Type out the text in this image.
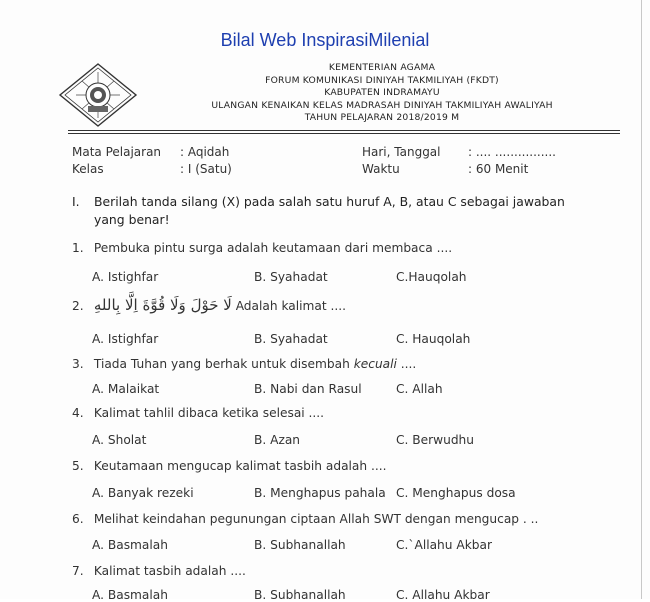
Bilal Web InspirasiMilenial
KEMENTERIAN AGAMA
FORUM KOMUNIKASI DINIYAH TAKMILIYAH (FKDT)
KABUPATEN INDRAMAYU
ULANGAN KENAIKAN KELAS MADRASAH DINIYAH TAKMILIYAH AWALIYAH
TAHUN PELAJARAN 2018/2019 M
Mata Pelajaran : Aqidah
Kelas	: I (Satu)
Hari, Tanggal : .... ................
Waktu	: 60 Menit
I. Berilah tanda silang (X) pada salah satu huruf A, B, atau C sebagai jawaban yang benar!
1. Pembuka pintu surga adalah keutamaan dari membaca ....
A. Istighfar	B. Syahadat	C.Hauqolah
2. لَا حَوْلَ وَلَا قُوَّةَ اِلَّا بِاللهِ Adalah kalimat ....
A. Istighfar	B. Syahadat	C. Hauqolah
3. Tiada Tuhan yang berhak untuk disembah kecuali ....
A. Malaikat	B. Nabi dan Rasul	C. Allah
4. Kalimat tahlil dibaca ketika selesai ....
A. Sholat	B. Azan	C. Berwudhu
5. Keutamaan mengucap kalimat tasbih adalah ....
A. Banyak rezeki	B. Menghapus pahala C. Menghapus dosa
6. Melihat keindahan pegunungan ciptaan Allah SWT dengan mengucap . ..
A. Basmalah	B. Subhanallah	C.`Allahu Akbar
7. Kalimat tasbih adalah ....
A. Basmalah	B. Subhanallah	C. Allahu Akbar
